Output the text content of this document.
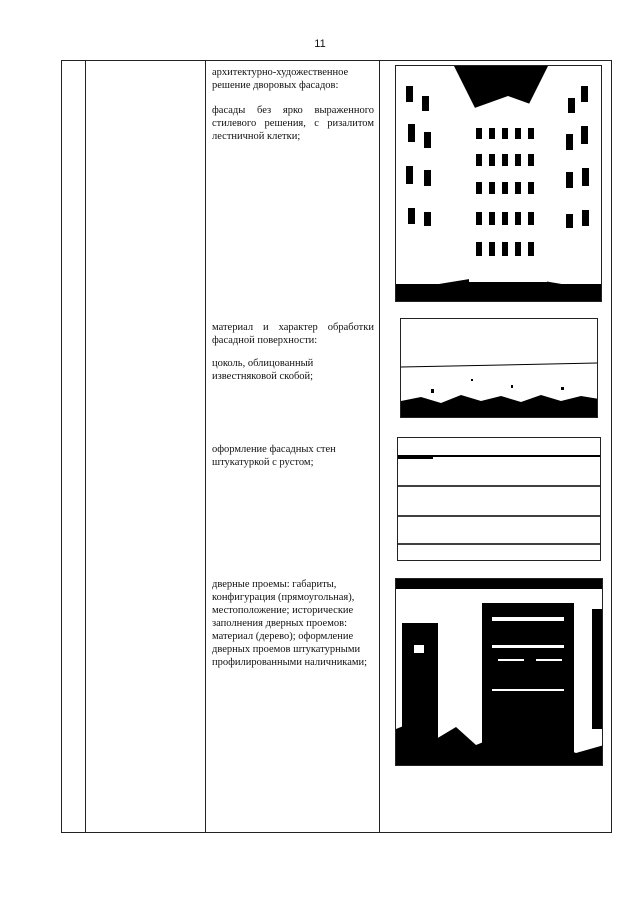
11

архитектурно-художественное решение дворовых фасадов:

фасады без ярко выраженного стилевого решения, с ризалитом лестничной клетки;

материал и характер обработки фасадной поверхности:

цоколь, облицованный известняковой скобой;

оформление фасадных стен штукатуркой с рустом;

дверные проемы: габариты, конфигурация (прямоугольная), местоположение; исторические заполнения дверных проемов: материал (дерево); оформление дверных проемов штукатурными профилированными наличниками;
